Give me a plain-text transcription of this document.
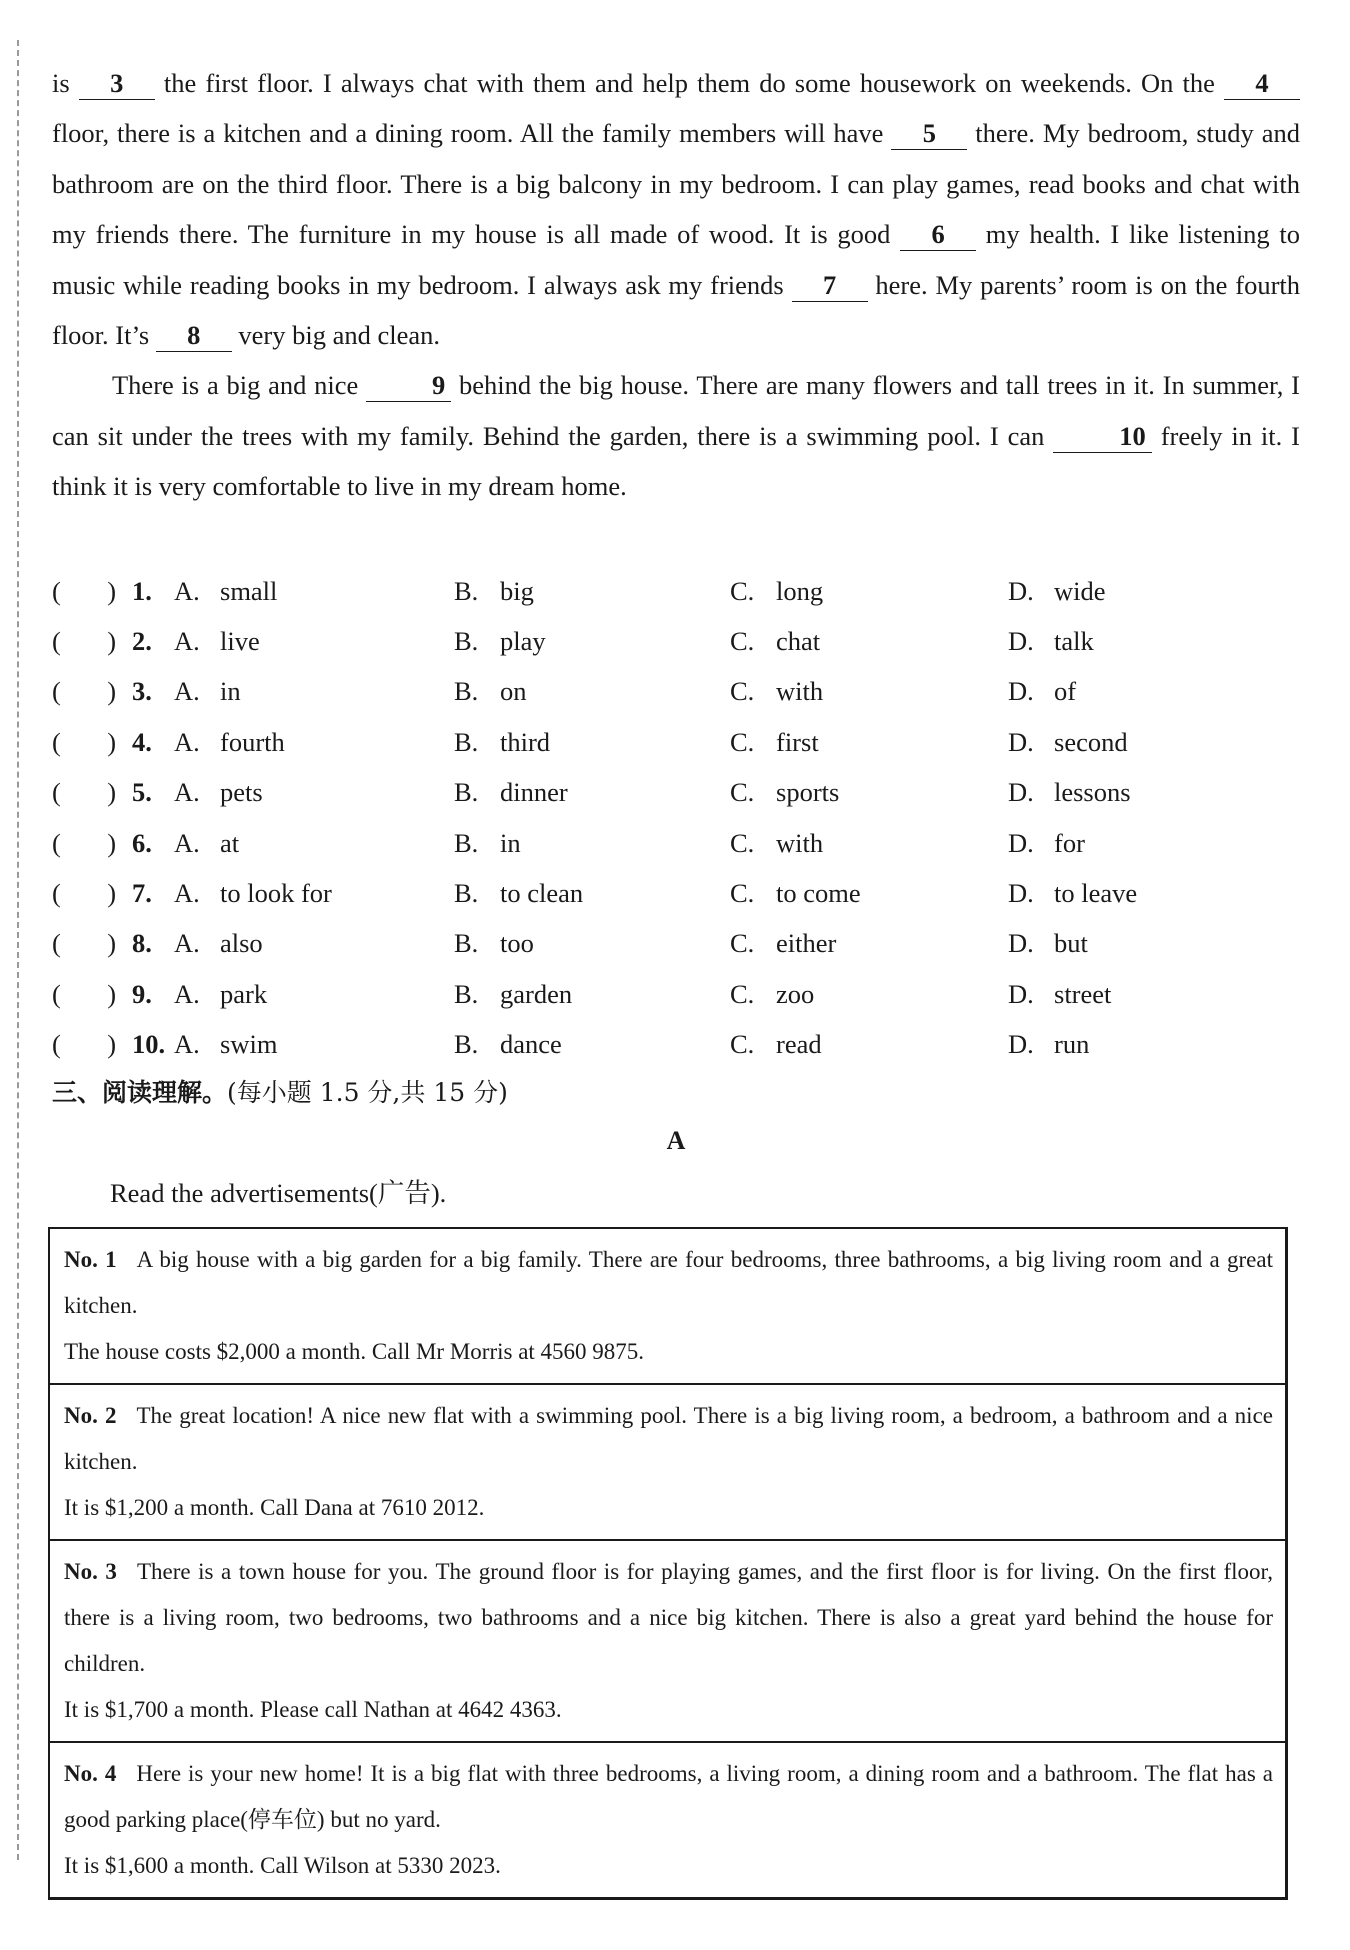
is 3 the first floor. I always chat with them and help them do some housework on weekends. On the 4 floor, there is a kitchen and a dining room. All the family members will have 5 there. My bedroom, study and bathroom are on the third floor. There is a big balcony in my bedroom. I can play games, read books and chat with my friends there. The furniture in my house is all made of wood. It is good 6 my health. I like listening to music while reading books in my bedroom. I always ask my friends 7 here. My parents’ room is on the fourth floor. It’s 8 very big and clean.

There is a big and nice 9 behind the big house. There are many flowers and tall trees in it. In summer, I can sit under the trees with my family. Behind the garden, there is a swimming pool. I can 10 freely in it. I think it is very comfortable to live in my dream home.

(       ) 1. A. small	B. big	C. long	D. wide
(       ) 2. A. live	B. play	C. chat	D. talk
(       ) 3. A. in	B. on	C. with	D. of
(       ) 4. A. fourth	B. third	C. first	D. second
(       ) 5. A. pets	B. dinner	C. sports	D. lessons
(       ) 6. A. at	B. in	C. with	D. for
(       ) 7. A. to look for	B. to clean	C. to come	D. to leave
(       ) 8. A. also	B. too	C. either	D. but
(       ) 9. A. park	B. garden	C. zoo	D. street
(       ) 10. A. swim	B. dance	C. read	D. run
三、阅读理解。(每小题 1.5 分,共 15 分)
A
Read the advertisements(广告).

No. 1 A big house with a big garden for a big family. There are four bedrooms, three bathrooms, a big living room and a great kitchen.

The house costs $2,000 a month. Call Mr Morris at 4560 9875.

No. 2 The great location! A nice new flat with a swimming pool. There is a big living room, a bedroom, a bathroom and a nice kitchen.

It is $1,200 a month. Call Dana at 7610 2012.

No. 3 There is a town house for you. The ground floor is for playing games, and the first floor is for living. On the first floor, there is a living room, two bedrooms, two bathrooms and a nice big kitchen. There is also a great yard behind the house for children.

It is $1,700 a month. Please call Nathan at 4642 4363.

No. 4 Here is your new home! It is a big flat with three bedrooms, a living room, a dining room and a bathroom. The flat has a good parking place(停车位) but no yard.

It is $1,600 a month. Call Wilson at 5330 2023.
